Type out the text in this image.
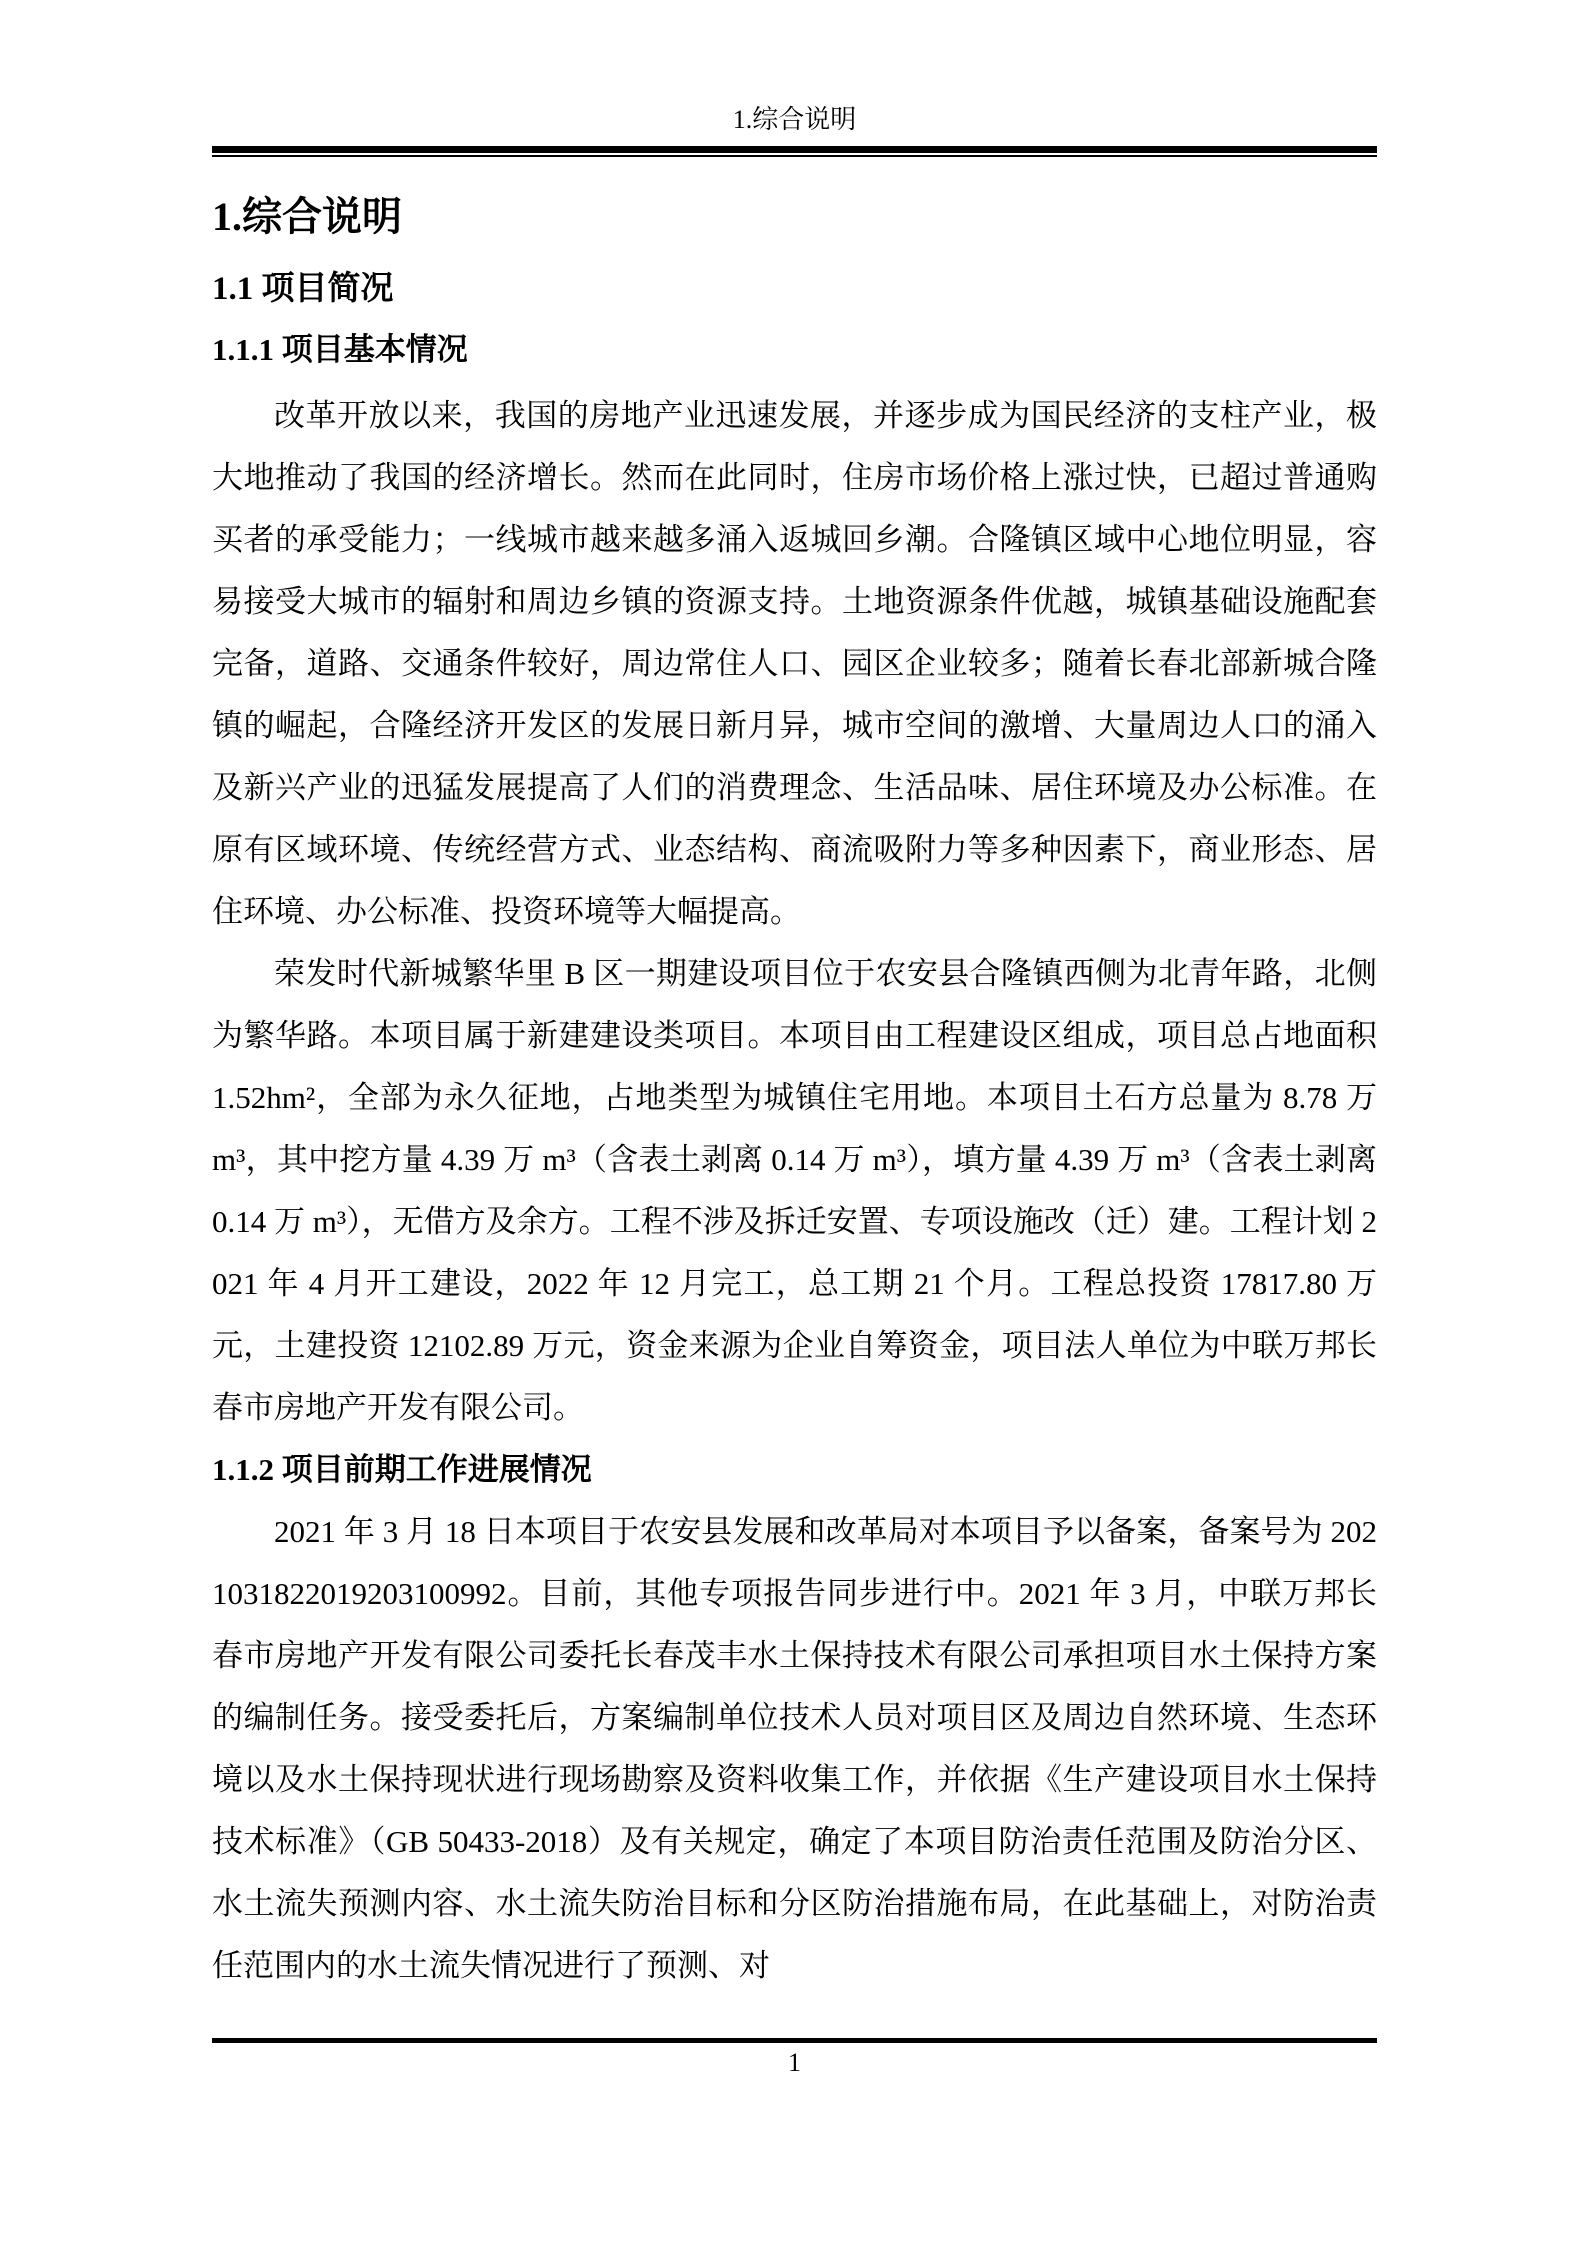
1.综合说明
1.综合说明
1.1 项目简况
1.1.1 项目基本情况

改革开放以来，我国的房地产业迅速发展，并逐步成为国民经济的支柱产业，极大地推动了我国的经济增长。然而在此同时，住房市场价格上涨过快，已超过普通购买者的承受能力；一线城市越来越多涌入返城回乡潮。合隆镇区域中心地位明显，容易接受大城市的辐射和周边乡镇的资源支持。土地资源条件优越，城镇基础设施配套完备，道路、交通条件较好，周边常住人口、园区企业较多；随着长春北部新城合隆镇的崛起，合隆经济开发区的发展日新月异，城市空间的激增、大量周边人口的涌入及新兴产业的迅猛发展提高了人们的消费理念、生活品味、居住环境及办公标准。在原有区域环境、传统经营方式、业态结构、商流吸附力等多种因素下，商业形态、居住环境、办公标准、投资环境等大幅提高。

荣发时代新城繁华里 B 区一期建设项目位于农安县合隆镇西侧为北青年路，北侧为繁华路。本项目属于新建建设类项目。本项目由工程建设区组成，项目总占地面积 1.52hm²，全部为永久征地，占地类型为城镇住宅用地。本项目土石方总量为 8.78 万 m³，其中挖方量 4.39 万 m³（含表土剥离 0.14 万 m³），填方量 4.39 万 m³（含表土剥离 0.14 万 m³），无借方及余方。工程不涉及拆迁安置、专项设施改（迁）建。工程计划 2021 年 4 月开工建设，2022 年 12 月完工，总工期 21 个月。工程总投资 17817.80 万元，土建投资 12102.89 万元，资金来源为企业自筹资金，项目法人单位为中联万邦长春市房地产开发有限公司。

1.1.2 项目前期工作进展情况

2021 年 3 月 18 日本项目于农安县发展和改革局对本项目予以备案，备案号为 2021031822019203100992。目前，其他专项报告同步进行中。2021 年 3 月，中联万邦长春市房地产开发有限公司委托长春茂丰水土保持技术有限公司承担项目水土保持方案的编制任务。接受委托后，方案编制单位技术人员对项目区及周边自然环境、生态环境以及水土保持现状进行现场勘察及资料收集工作，并依据《生产建设项目水土保持技术标准》（GB 50433-2018）及有关规定，确定了本项目防治责任范围及防治分区、水土流失预测内容、水土流失防治目标和分区防治措施布局，在此基础上，对防治责任范围内的水土流失情况进行了预测、对

1
